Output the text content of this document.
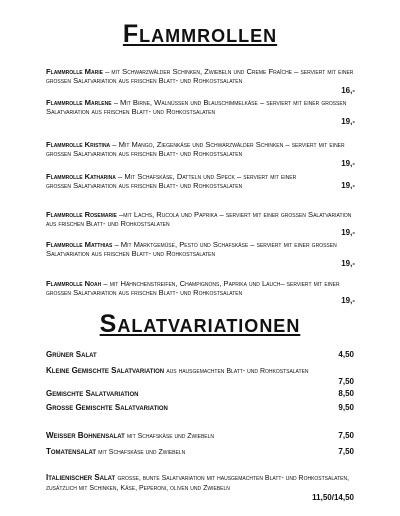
Flammrollen
Flammrolle Marie – mit Schwarzwälder Schinken, Zwiebeln und Creme Fraîche – serviert mit einer grossen Salatvariation aus frischen Blatt- und Rohkostsalaten
16,-
Flammrolle Marlene – Mit Birne, Walnüssen und Blauschimmelkäse – serviert mit einer grossen Salatvariation aus frischen Blatt- und Rohkostsalaten
19,-
Flammrolle Kristina – Mit Mango, Ziegenkäse und Schwarzwälder Schinken – serviert mit einer grossen Salatvariation aus frischen Blatt- und Rohkostsalaten
19,-
Flammrolle Katharina – Mit Schafskäse, Datteln und Speck – serviert mit einer grossen Salatvariation aus frischen Blatt- und Rohkostsalaten	19,-
Flammrolle Rosemarie –mit Lachs, Rucola und Paprika – serviert mit einer grossen Salatvariation aus frischen Blatt- und Rohkostsalaten
19,-
Flammrolle Matthias – Mit Marktgemüse, Pesto und Schafskäse – serviert mit einer grossen Salatvariation aus frischen Blatt- und Rohkostsalaten
19,-
Flammrolle Noah – mit Hähnchenstreifen, Champignons, Paprika und Lauch– serviert mit einer grossen Salatvariation aus frischen Blatt- und Rohkostsalaten
19,-
Salatvariationen
Grüner Salat	4,50
Kleine Gemischte Salatvariation aus hausgemachten Blatt- und Rohkostsalaten
7,50
Gemischte Salatvariation	8,50
Grosse Gemischte Salatvariation	9,50
Weisser Bohnensalat mit Schafskäse und Zwiebeln	7,50
Tomatensalat mit Schafskäse und Zwiebeln	7,50
Italienischer Salat grosse, bunte Salatvariation mit hausgemachten Blatt- und Rohkostsalaten, zusätzlich mit Schinken, Käse, Peperoni, oliven und Zwiebeln
11,50/14,50
